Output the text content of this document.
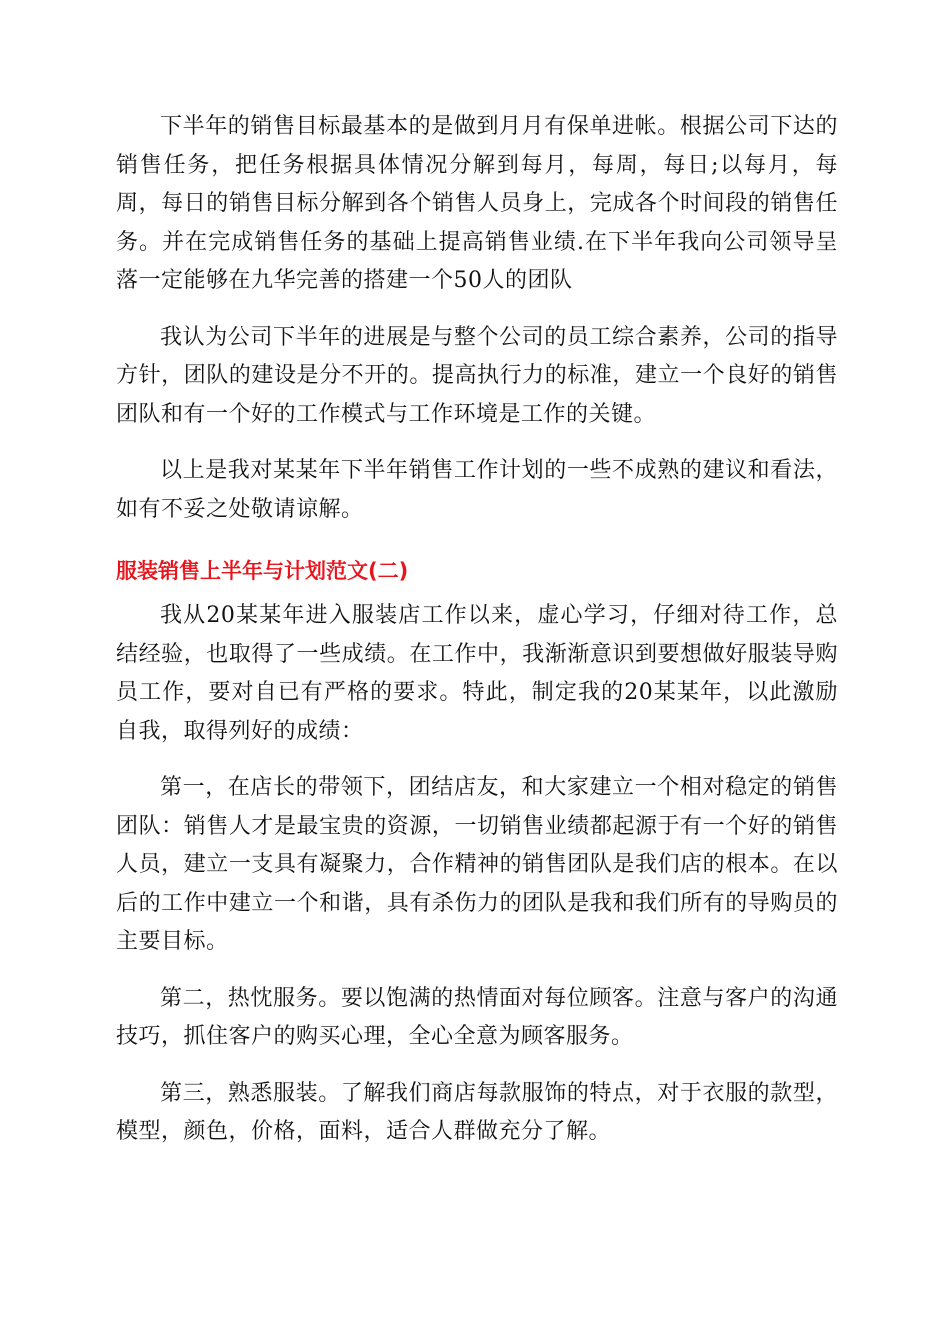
下半年的销售目标最基本的是做到月月有保单进帐。根据公司下达的销售任务，把任务根据具体情况分解到每月，每周，每日;以每月，每周，每日的销售目标分解到各个销售人员身上，完成各个时间段的销售任务。并在完成销售任务的基础上提高销售业绩.在下半年我向公司领导呈落一定能够在九华完善的搭建一个50人的团队

我认为公司下半年的进展是与整个公司的员工综合素养，公司的指导方针，团队的建设是分不开的。提高执行力的标准，建立一个良好的销售团队和有一个好的工作模式与工作环境是工作的关键。

以上是我对某某年下半年销售工作计划的一些不成熟的建议和看法，如有不妥之处敬请谅解。

服装销售上半年与计划范文(二)

我从20某某年进入服装店工作以来，虚心学习，仔细对待工作，总结经验，也取得了一些成绩。在工作中，我渐渐意识到要想做好服装导购员工作，要对自已有严格的要求。特此，制定我的20某某年，以此激励自我，取得列好的成绩：

第一，在店长的带领下，团结店友，和大家建立一个相对稳定的销售团队：销售人才是最宝贵的资源，一切销售业绩都起源于有一个好的销售人员，建立一支具有凝聚力，合作精神的销售团队是我们店的根本。在以后的工作中建立一个和谐，具有杀伤力的团队是我和我们所有的导购员的主要目标。

第二，热忱服务。要以饱满的热情面对每位顾客。注意与客户的沟通技巧，抓住客户的购买心理，全心全意为顾客服务。

第三，熟悉服装。了解我们商店每款服饰的特点，对于衣服的款型，模型，颜色，价格，面料，适合人群做充分了解。
